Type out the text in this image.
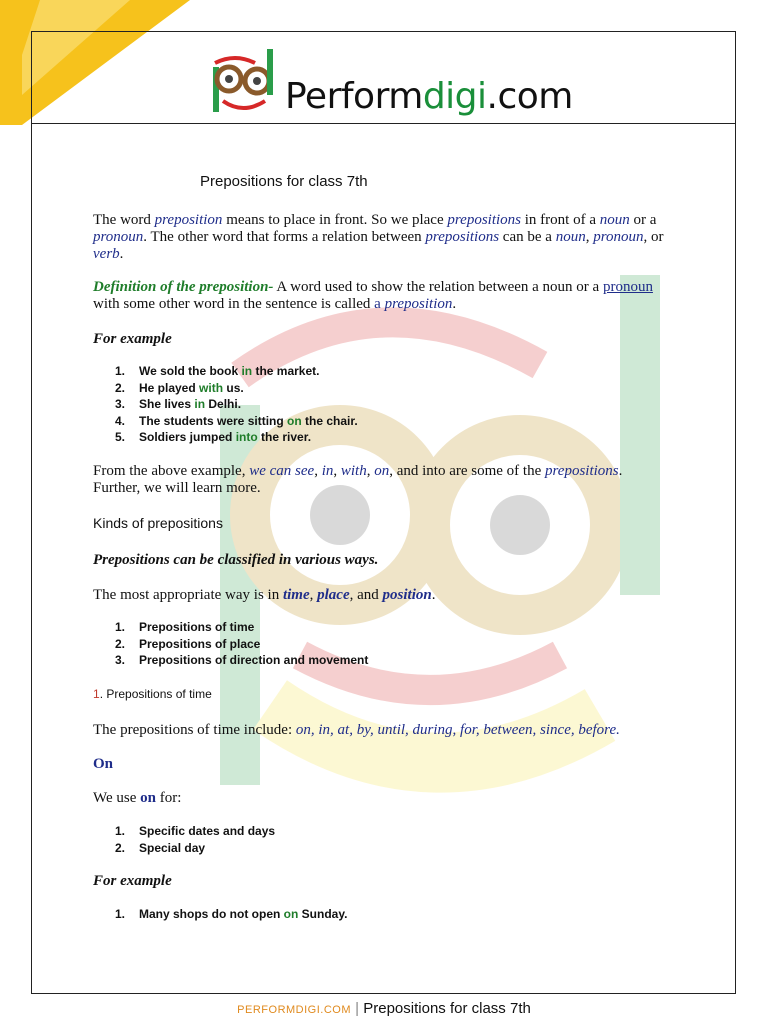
Performdigi.com
Prepositions for class 7th

The word preposition means to place in front. So we place prepositions in front of a noun or a pronoun. The other word that forms a relation between prepositions can be a noun, pronoun, or verb.

Definition of the preposition- A word used to show the relation between a noun or a pronoun with some other word in the sentence is called a preposition.

For example
1. We sold the book in the market.
2. He played with us.
3. She lives in Delhi.
4. The students were sitting on the chair.
5. Soldiers jumped into the river.

From the above example, we can see, in, with, on, and into are some of the prepositions. Further, we will learn more.

Kinds of prepositions
Prepositions can be classified in various ways.

The most appropriate way is in time, place, and position.

1. Prepositions of time
2. Prepositions of place
3. Prepositions of direction and movement
1. Prepositions of time

The prepositions of time include: on, in, at, by, until, during, for, between, since, before.

On

We use on for:

1. Specific dates and days
2. Special day
For example
1. Many shops do not open on Sunday.
PERFORMDIGI.COM | Prepositions for class 7th
